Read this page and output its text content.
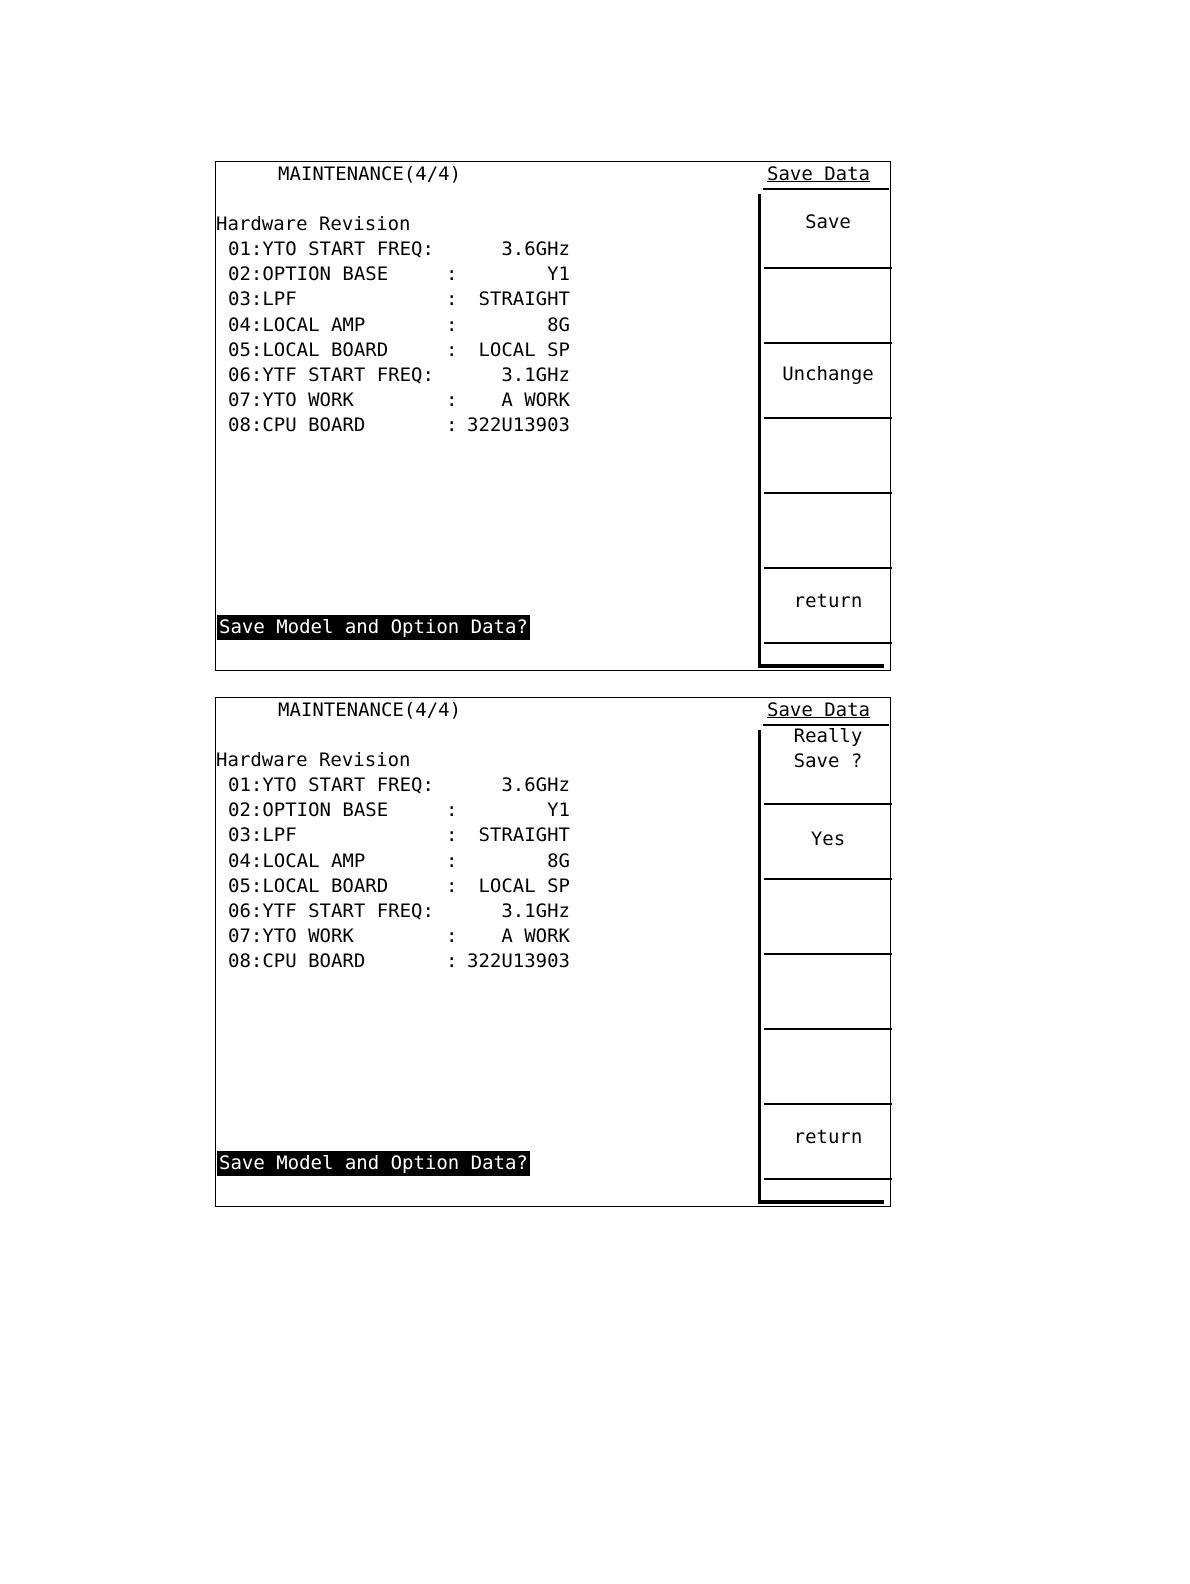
MAINTENANCE(4/4)	Save Data
Hardware Revision
01:YTO START FREQ:	3.6GHz
02:OPTION BASE	:	Y1
03:LPF	:	STRAIGHT
04:LOCAL AMP	:	8G
05:LOCAL BOARD	:	LOCAL SP
06:YTF START FREQ:	3.1GHz
07:YTO WORK	:	A WORK
08:CPU BOARD	: 322U13903
Save Model and Option Data?
Save
Unchange
return
MAINTENANCE(4/4)	Save Data
Hardware Revision
01:YTO START FREQ:	3.6GHz
02:OPTION BASE	:	Y1
03:LPF	:	STRAIGHT
04:LOCAL AMP	:	8G
05:LOCAL BOARD	:	LOCAL SP
06:YTF START FREQ:	3.1GHz
07:YTO WORK	:	A WORK
08:CPU BOARD	: 322U13903
Save Model and Option Data?
Really
Save ?
Yes
return
